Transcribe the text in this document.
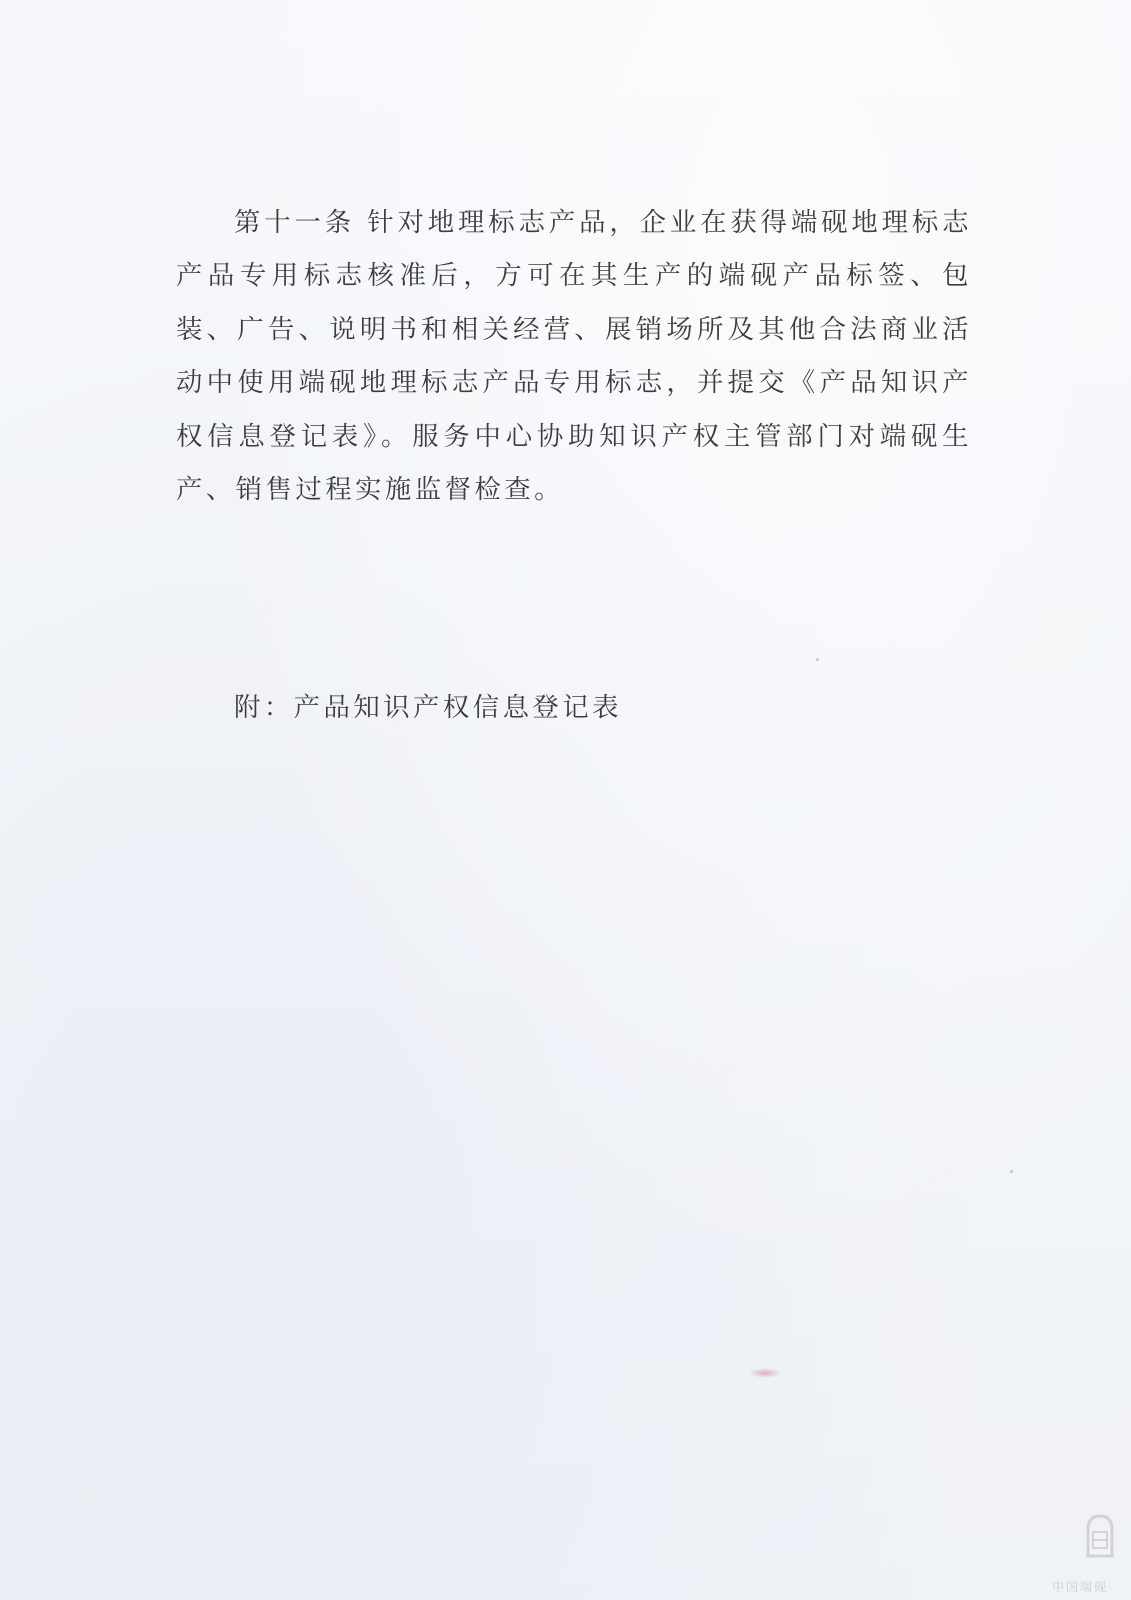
第十一条 针对地理标志产品，企业在获得端砚地理标志产品专用标志核准后，方可在其生产的端砚产品标签、包装、广告、说明书和相关经营、展销场所及其他合法商业活动中使用端砚地理标志产品专用标志，并提交《产品知识产权信息登记表》。服务中心协助知识产权主管部门对端砚生产、销售过程实施监督检查。

附：产品知识产权信息登记表

中国端砚
